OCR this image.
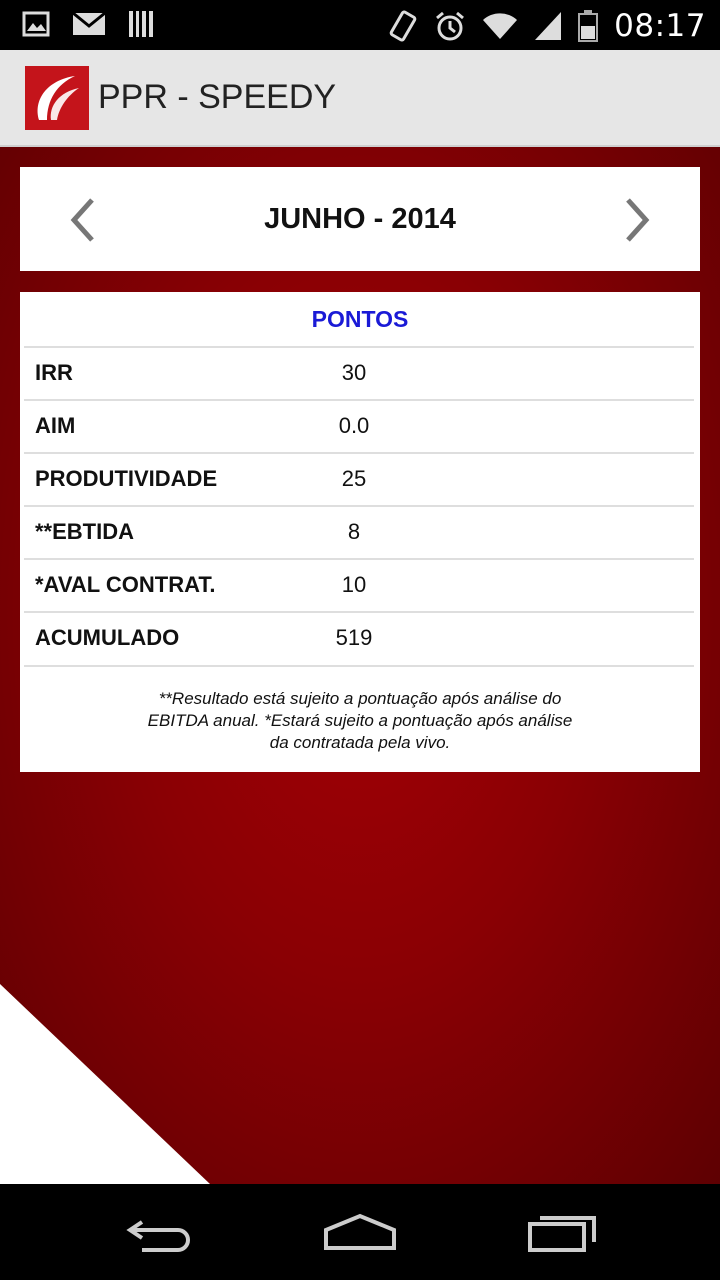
08:17
PPR - SPEEDY
JUNHO - 2014
PONTOS
IRR	30
AIM	0.0
PRODUTIVIDADE	25
**EBTIDA	8
*AVAL CONTRAT.	10
ACUMULADO	519
**Resultado está sujeito a pontuação após análise do
EBITDA anual. *Estará sujeito a pontuação após análise
da contratada pela vivo.
